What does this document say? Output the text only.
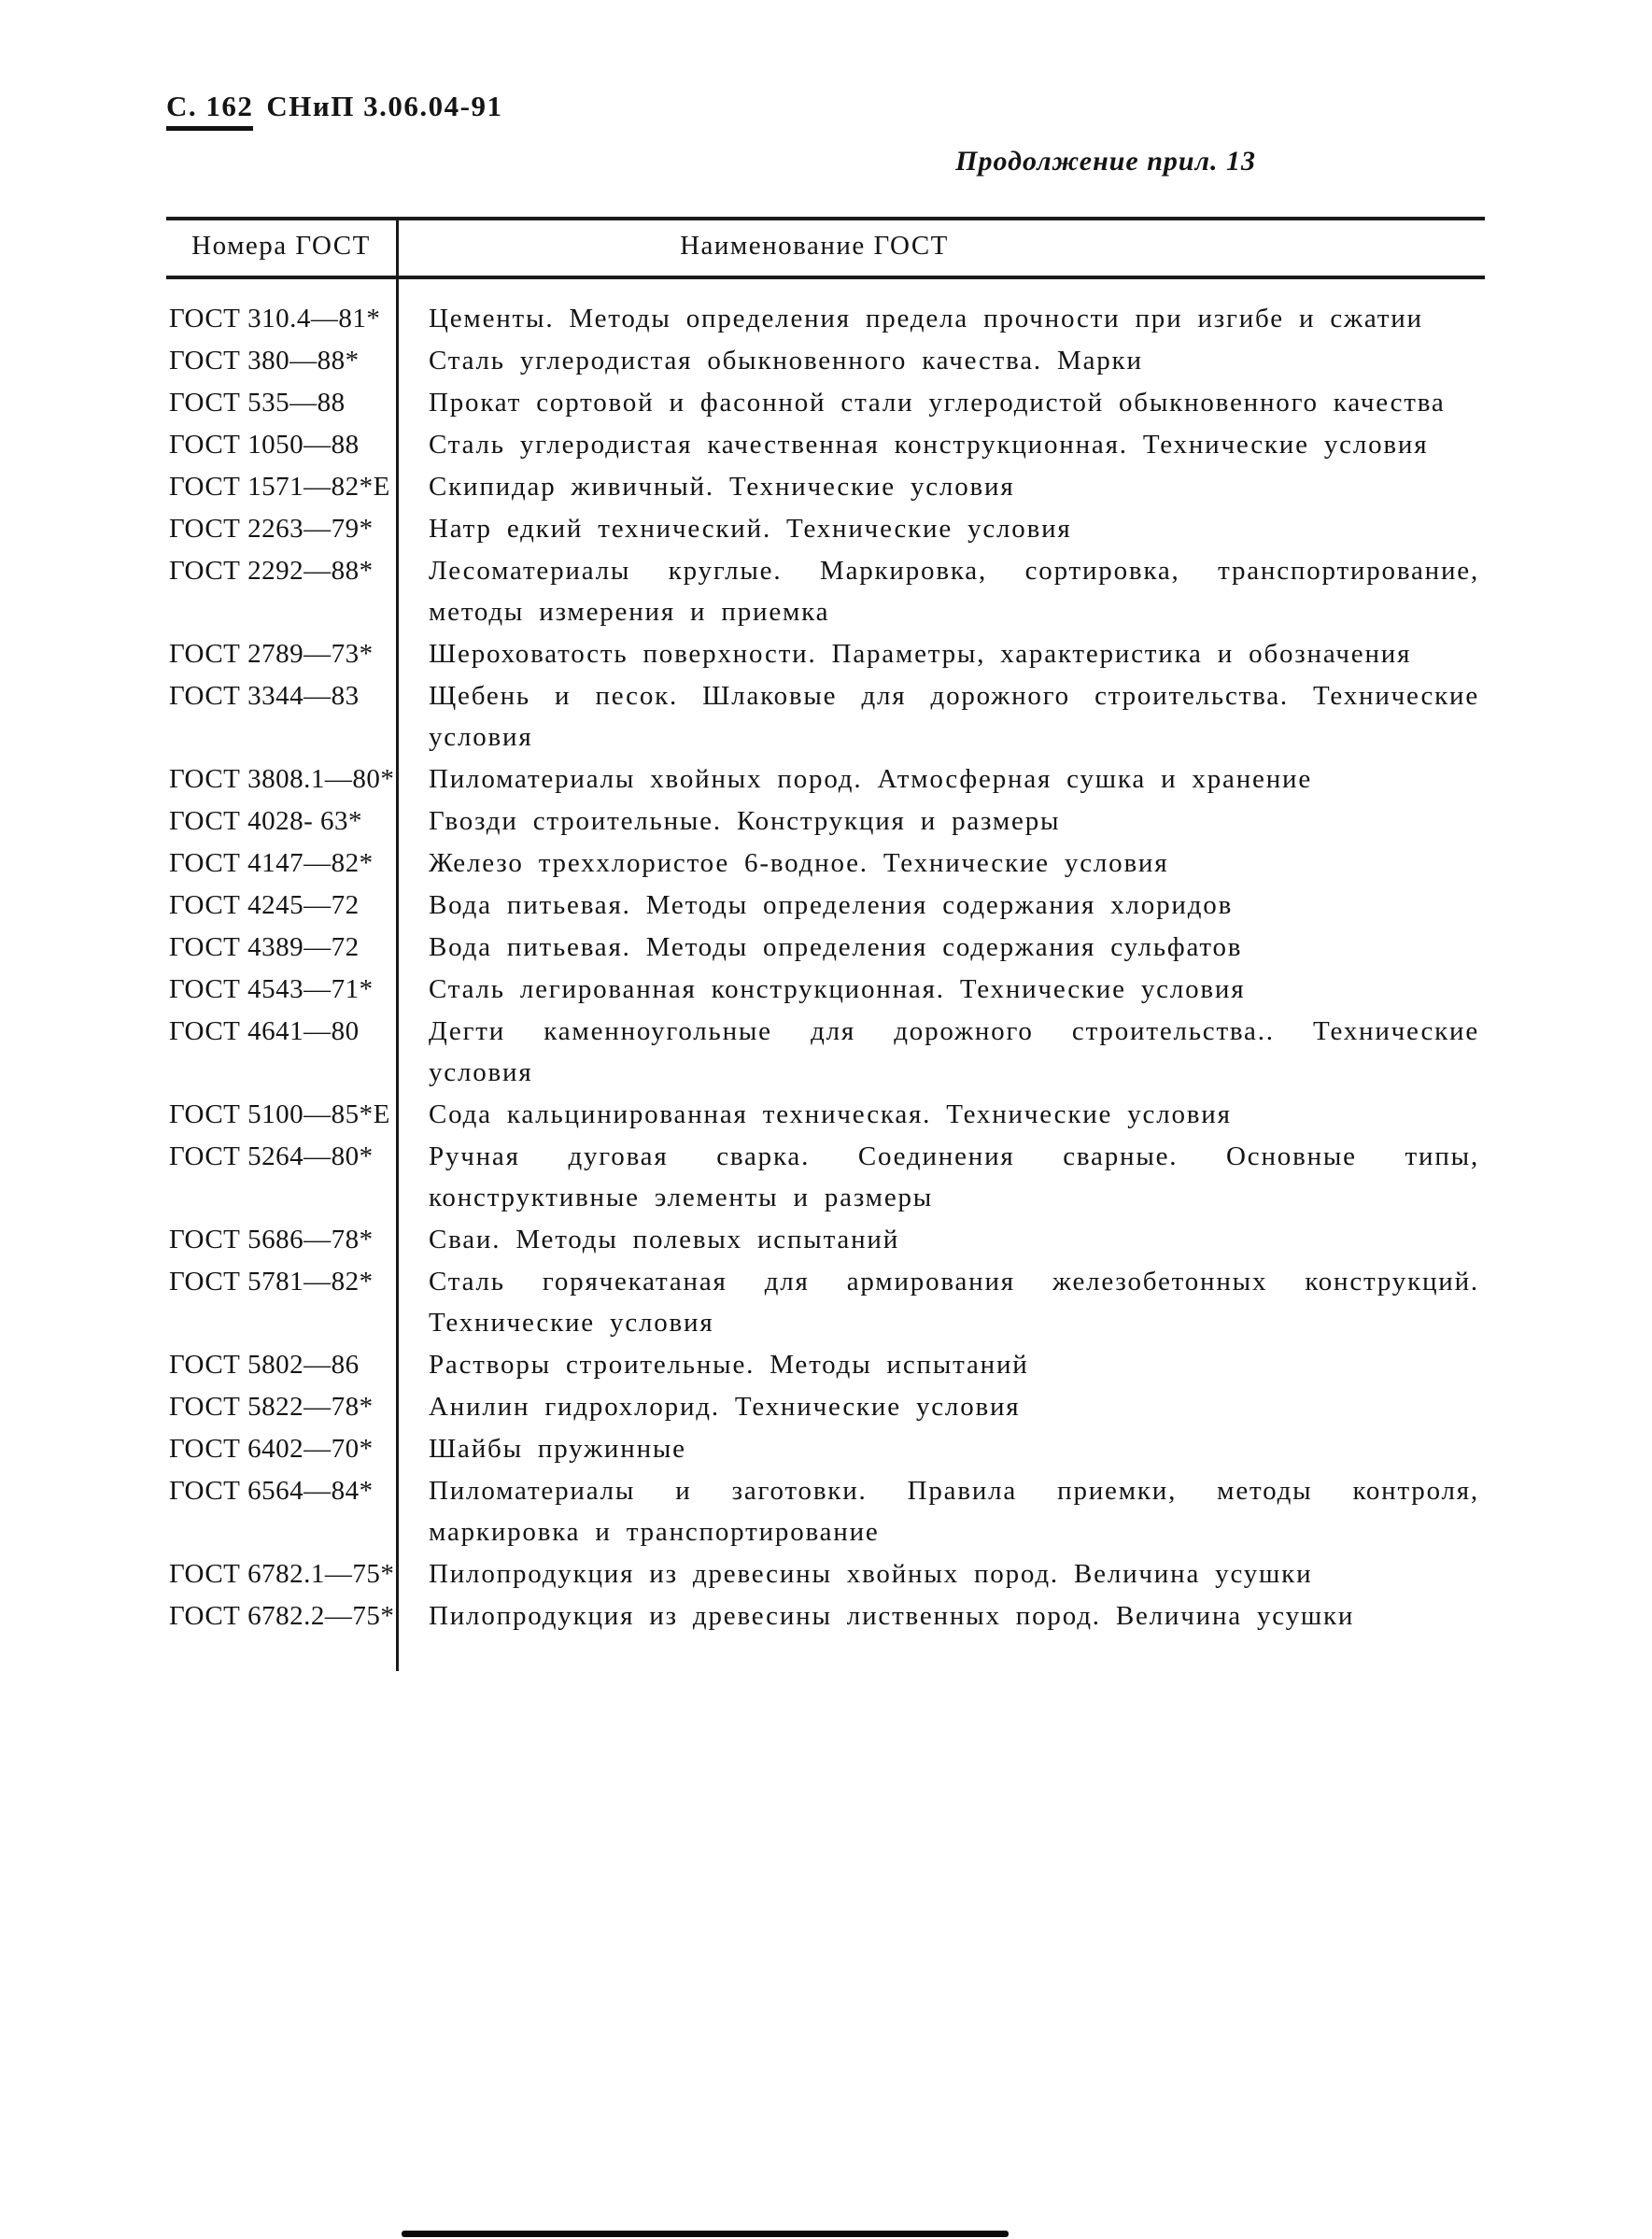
С. 162 СНиП 3.06.04-91
Продолжение прил. 13
Номера ГОСТ	Наименование ГОСТ
ГОСТ 310.4—81*	Цементы. Методы определения предела прочности при изгибе и сжатии
ГОСТ 380—88*	Сталь углеродистая обыкновенного качества. Марки
ГОСТ 535—88	Прокат сортовой и фасонной стали углеродистой обыкновенного качества
ГОСТ 1050—88	Сталь углеродистая качественная конструкционная. Технические условия
ГОСТ 1571—82*Е	Скипидар живичный. Технические условия
ГОСТ 2263—79*	Натр едкий технический. Технические условия
ГОСТ 2292—88*	Лесоматериалы круглые. Маркировка, сортировка, транспортирование, методы измерения и приемка
ГОСТ 2789—73*	Шероховатость поверхности. Параметры, характеристика и обозначения
ГОСТ 3344—83	Щебень и песок. Шлаковые для дорожного строительства. Технические условия
ГОСТ 3808.1—80*	Пиломатериалы хвойных пород. Атмосферная сушка и хранение
ГОСТ 4028- 63*	Гвозди строительные. Конструкция и размеры
ГОСТ 4147—82*	Железо треххлористое 6-водное. Технические условия
ГОСТ 4245—72	Вода питьевая. Методы определения содержания хлоридов
ГОСТ 4389—72	Вода питьевая. Методы определения содержания сульфатов
ГОСТ 4543—71*	Сталь легированная конструкционная. Технические условия
ГОСТ 4641—80	Дегти каменноугольные для дорожного строительства.. Технические условия
ГОСТ 5100—85*Е	Сода кальцинированная техническая. Технические условия
ГОСТ 5264—80*	Ручная дуговая сварка. Соединения сварные. Основные типы, конструктивные элементы и размеры
ГОСТ 5686—78*	Сваи. Методы полевых испытаний
ГОСТ 5781—82*	Сталь горячекатаная для армирования железобетонных конструкций. Технические условия
ГОСТ 5802—86	Растворы строительные. Методы испытаний
ГОСТ 5822—78*	Анилин гидрохлорид. Технические условия
ГОСТ 6402—70*	Шайбы пружинные
ГОСТ 6564—84*	Пиломатериалы и заготовки. Правила приемки, методы контроля, маркировка и транспортирование
ГОСТ 6782.1—75*	Пилопродукция из древесины хвойных пород. Величина усушки
ГОСТ 6782.2—75*	Пилопродукция из древесины лиственных пород. Величина усушки
